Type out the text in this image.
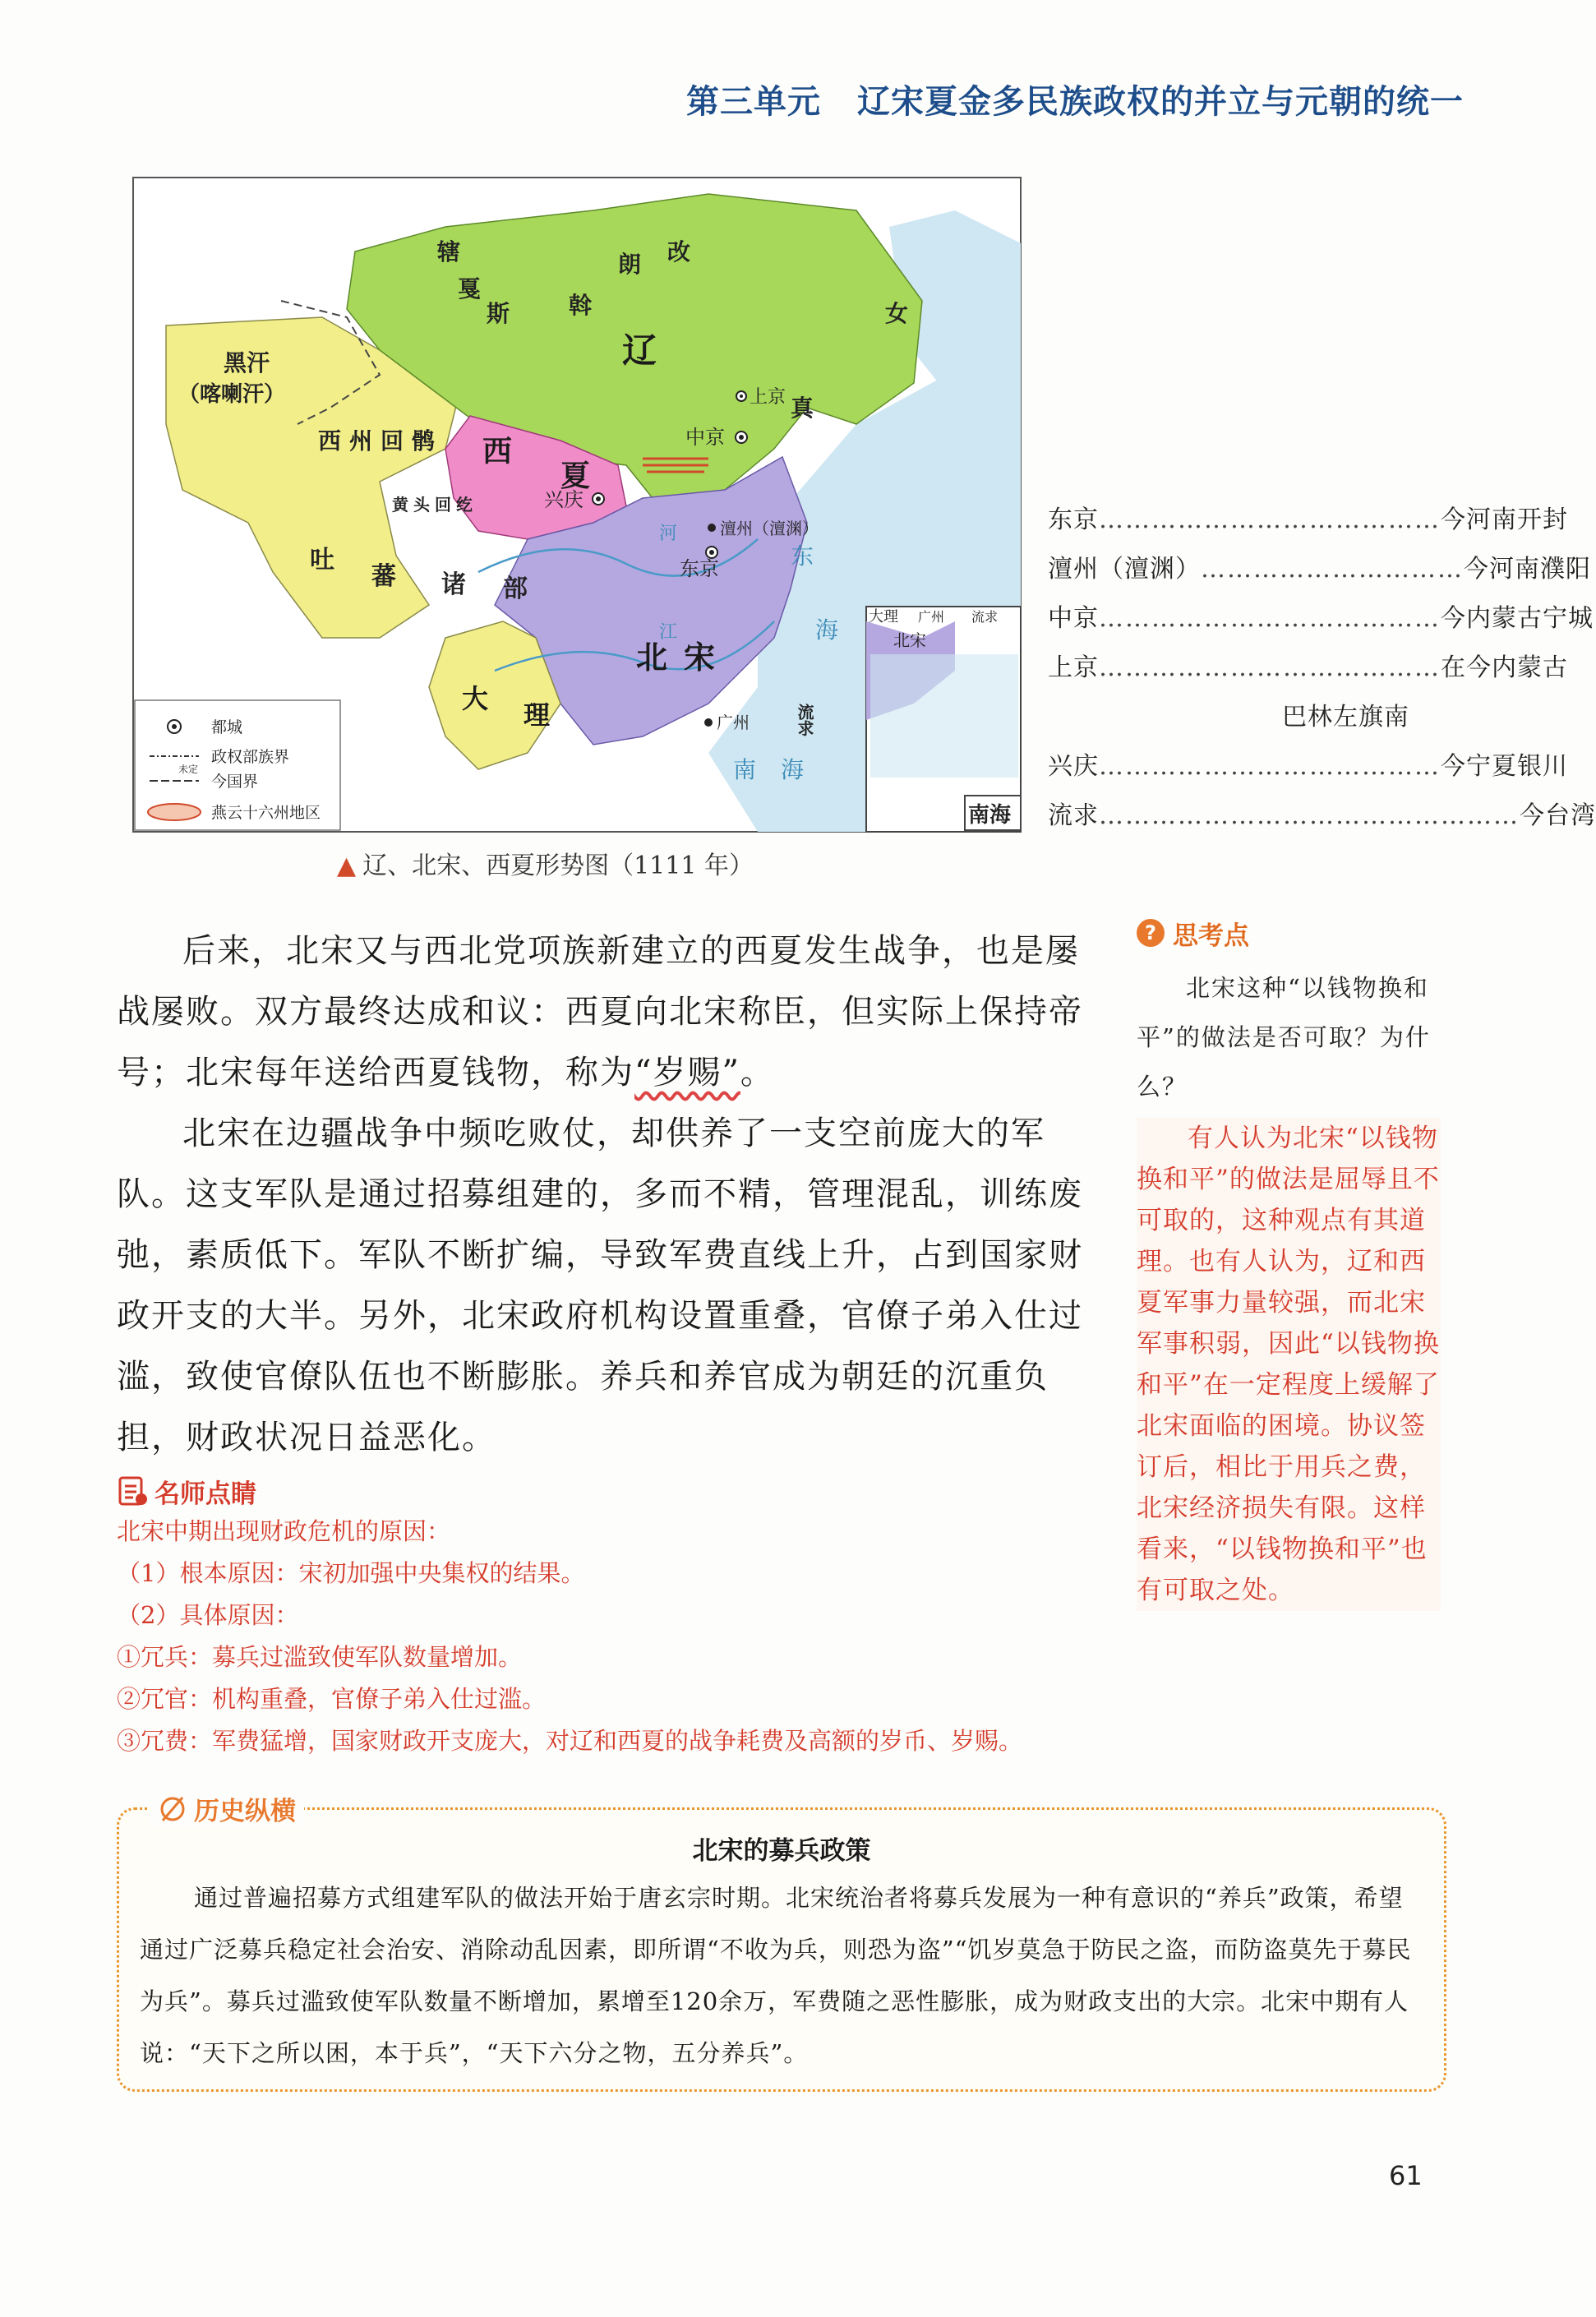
第三单元 辽宋夏金多民族政权的并立与元朝的统一
辖
戛
斯	斡
朗 改
辽
女
真
黑汗
（喀喇汗）
西州回鹘 西
夏
黄头回纥
吐
蕃 诸 部
北宋
大
理	流求
上京
中京
兴庆
澶州（澶渊）
东京
广州
东
海
南海
河
江
大理 广州 流求
北宋
南海
都城
政权部族界
未定
今国界
燕云十六州地区
▲ 辽、北宋、西夏形势图（1111 年）
东京 ………………………………… 今河南开封
澶州（澶渊） ………………………… 今河南濮阳
中京 ………………………………… 今内蒙古宁城
上京 ………………………………… 在今内蒙古
巴林左旗南
兴庆 ………………………………… 今宁夏银川
流求 ………………………………………… 今台湾

后来，北宋又与西北党项族新建立的西夏发生战争，也是屡战屡败。双方最终达成和议：西夏向北宋称臣，但实际上保持帝号；北宋每年送给西夏钱物，称为“岁赐”。

北宋在边疆战争中频吃败仗，却供养了一支空前庞大的军队。这支军队是通过招募组建的，多而不精，管理混乱，训练废弛，素质低下。军队不断扩编，导致军费直线上升，占到国家财政开支的大半。另外，北宋政府机构设置重叠，官僚子弟入仕过滥，致使官僚队伍也不断膨胀。养兵和养官成为朝廷的沉重负担，财政状况日益恶化。

? 思考点
北宋这种“以钱物换和平”的做法是否可取？为什么？
有人认为北宋“以钱物换和平”的做法是屈辱且不可取的，这种观点有其道理。也有人认为，辽和西夏军事力量较强，而北宋军事积弱，因此“以钱物换和平”在一定程度上缓解了北宋面临的困境。协议签订后，相比于用兵之费，北宋经济损失有限。这样看来，“以钱物换和平”也有可取之处。
名师点睛
北宋中期出现财政危机的原因：
（1）根本原因：宋初加强中央集权的结果。
（2）具体原因：
①冗兵：募兵过滥致使军队数量增加。
②冗官：机构重叠，官僚子弟入仕过滥。
③冗费：军费猛增，国家财政开支庞大，对辽和西夏的战争耗费及高额的岁币、岁赐。
历史纵横
北宋的募兵政策
通过普遍招募方式组建军队的做法开始于唐玄宗时期。北宋统治者将募兵发展为一种有意识的“养兵”政策，希望通过广泛募兵稳定社会治安、消除动乱因素，即所谓“不收为兵，则恐为盗”“饥岁莫急于防民之盗，而防盗莫先于募民为兵”。募兵过滥致使军队数量不断增加，累增至120余万，军费随之恶性膨胀，成为财政支出的大宗。北宋中期有人说：“天下之所以困，本于兵”，“天下六分之物，五分养兵”。
61
